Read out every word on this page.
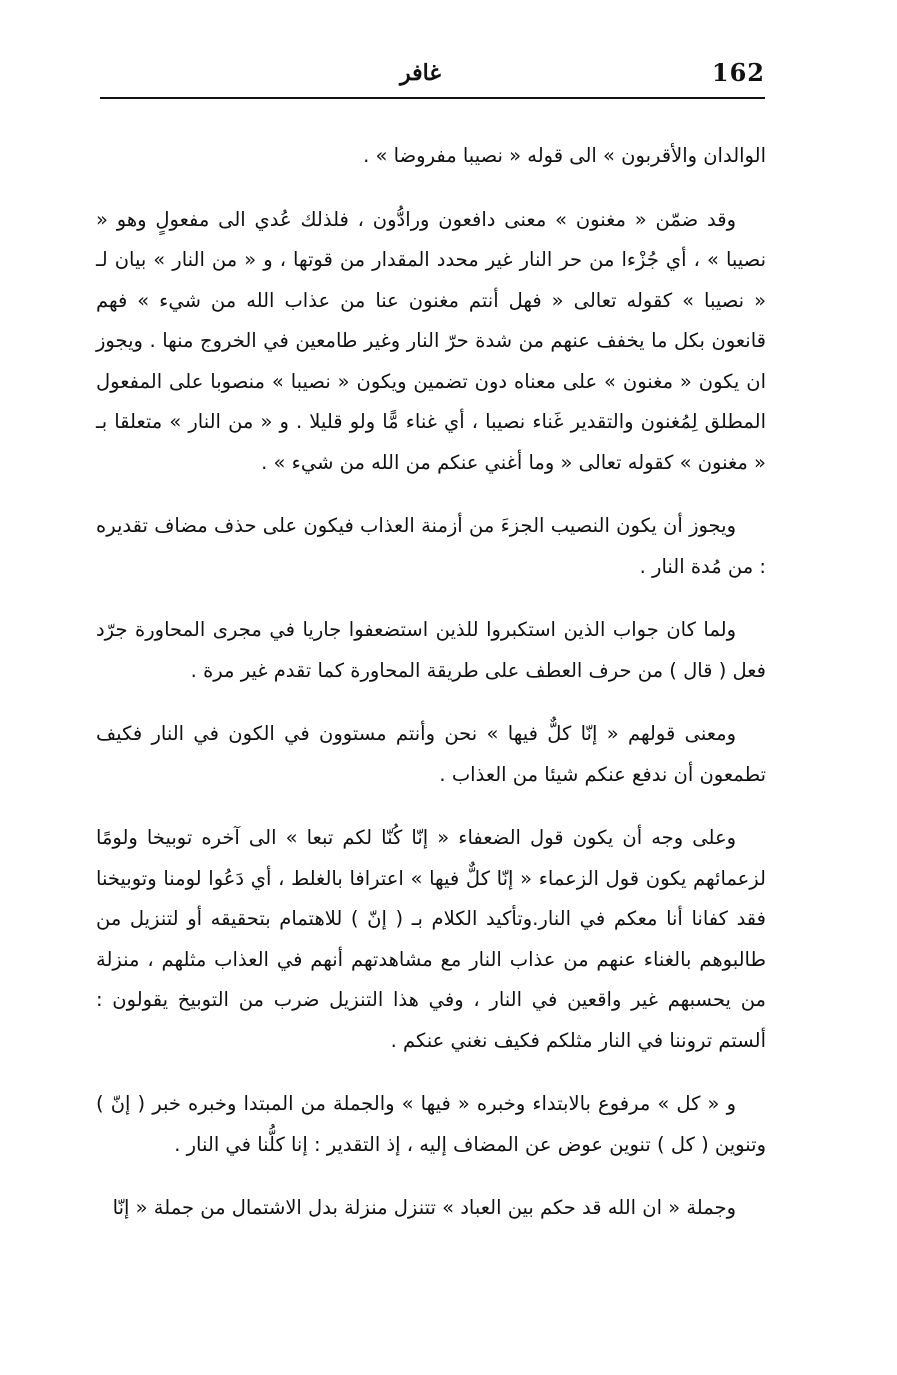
162
غافر

الوالدان والأقربون » الى قوله « نصيبا مفروضا » .

وقد ضمّن « مغنون » معنى دافعون ورادُّون ، فلذلك عُدي الى مفعولٍ وهو « نصيبا » ، أي جُزْءا من حر النار غير محدد المقدار من قوتها ، و « من النار » بيان لـ « نصيبا » كقوله تعالى « فهل أنتم مغنون عنا من عذاب الله من شيء » فهم قانعون بكل ما يخفف عنهم من شدة حرّ النار وغير طامعين في الخروج منها . ويجوز ان يكون « مغنون » على معناه دون تضمين ويكون « نصيبا » منصوبا على المفعول المطلق لِمُغنون والتقدير غَناء نصيبا ، أي غناء مًّا ولو قليلا . و « من النار » متعلقا بـ « مغنون » كقوله تعالى « وما أغني عنكم من الله من شيء » .

ويجوز أن يكون النصيب الجزءَ من أزمنة العذاب فيكون على حذف مضاف تقديره : من مُدة النار .

ولما كان جواب الذين استكبروا للذين استضعفوا جاريا في مجرى المحاورة جرّد فعل ( قال ) من حرف العطف على طريقة المحاورة كما تقدم غير مرة .

ومعنى قولهم « إنّا كلٌّ فيها » نحن وأنتم مستوون في الكون في النار فكيف تطمعون أن ندفع عنكم شيئا من العذاب .

وعلى وجه أن يكون قول الضعفاء « إنّا كُنّا لكم تبعا » الى آخره توبيخا ولومًا لزعمائهم يكون قول الزعماء « إنّا كلٌّ فيها » اعترافا بالغلط ، أي دَعُوا لومنا وتوبيخنا فقد كفانا أنا معكم في النار.وتأكيد الكلام بـ ( إنّ ) للاهتمام بتحقيقه أو لتنزيل من طالبوهم بالغناء عنهم من عذاب النار مع مشاهدتهم أنهم في العذاب مثلهم ، منزلة من يحسبهم غير واقعين في النار ، وفي هذا التنزيل ضرب من التوبيخ يقولون : ألستم تروننا في النار مثلكم فكيف نغني عنكم .

و « كل » مرفوع بالابتداء وخبره « فيها » والجملة من المبتدا وخبره خبر ( إنّ ) وتنوين ( كل ) تنوين عوض عن المضاف إليه ، إذ التقدير : إنا كلُّنا في النار .

وجملة « ان الله قد حكم بين العباد » تتنزل منزلة بدل الاشتمال من جملة « إنّا
